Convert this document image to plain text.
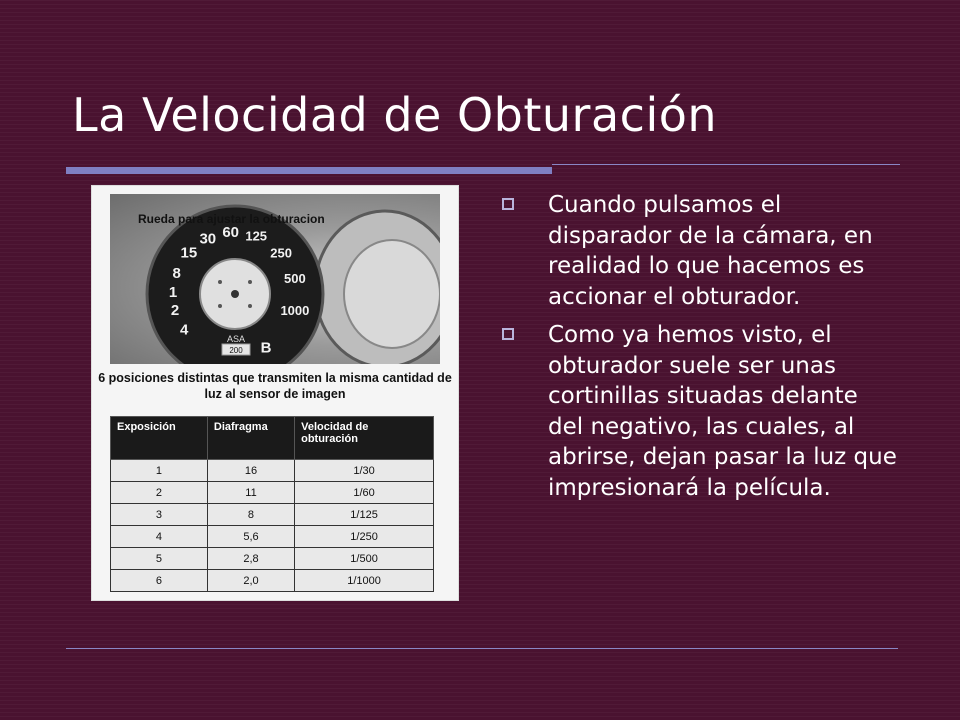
La Velocidad de Obturación
8
15
30 60 125
250
500
1000
B
4
2
1
ASA
200
Rueda para ajustar la obturacion
6 posiciones distintas que transmiten la misma cantidad de luz al sensor de imagen
Exposición	Diafragma	Velocidad de obturación
1	16	1/30
2	11	1/60
3	8	1/125
4	5,6	1/250
5	2,8	1/500
6	2,0	1/1000
Cuando pulsamos el disparador de la cámara, en realidad lo que hacemos es accionar el obturador.
Como ya hemos visto, el obturador suele ser unas cortinillas situadas delante del negativo, las cuales, al abrirse, dejan pasar la luz que impresionará la película.
